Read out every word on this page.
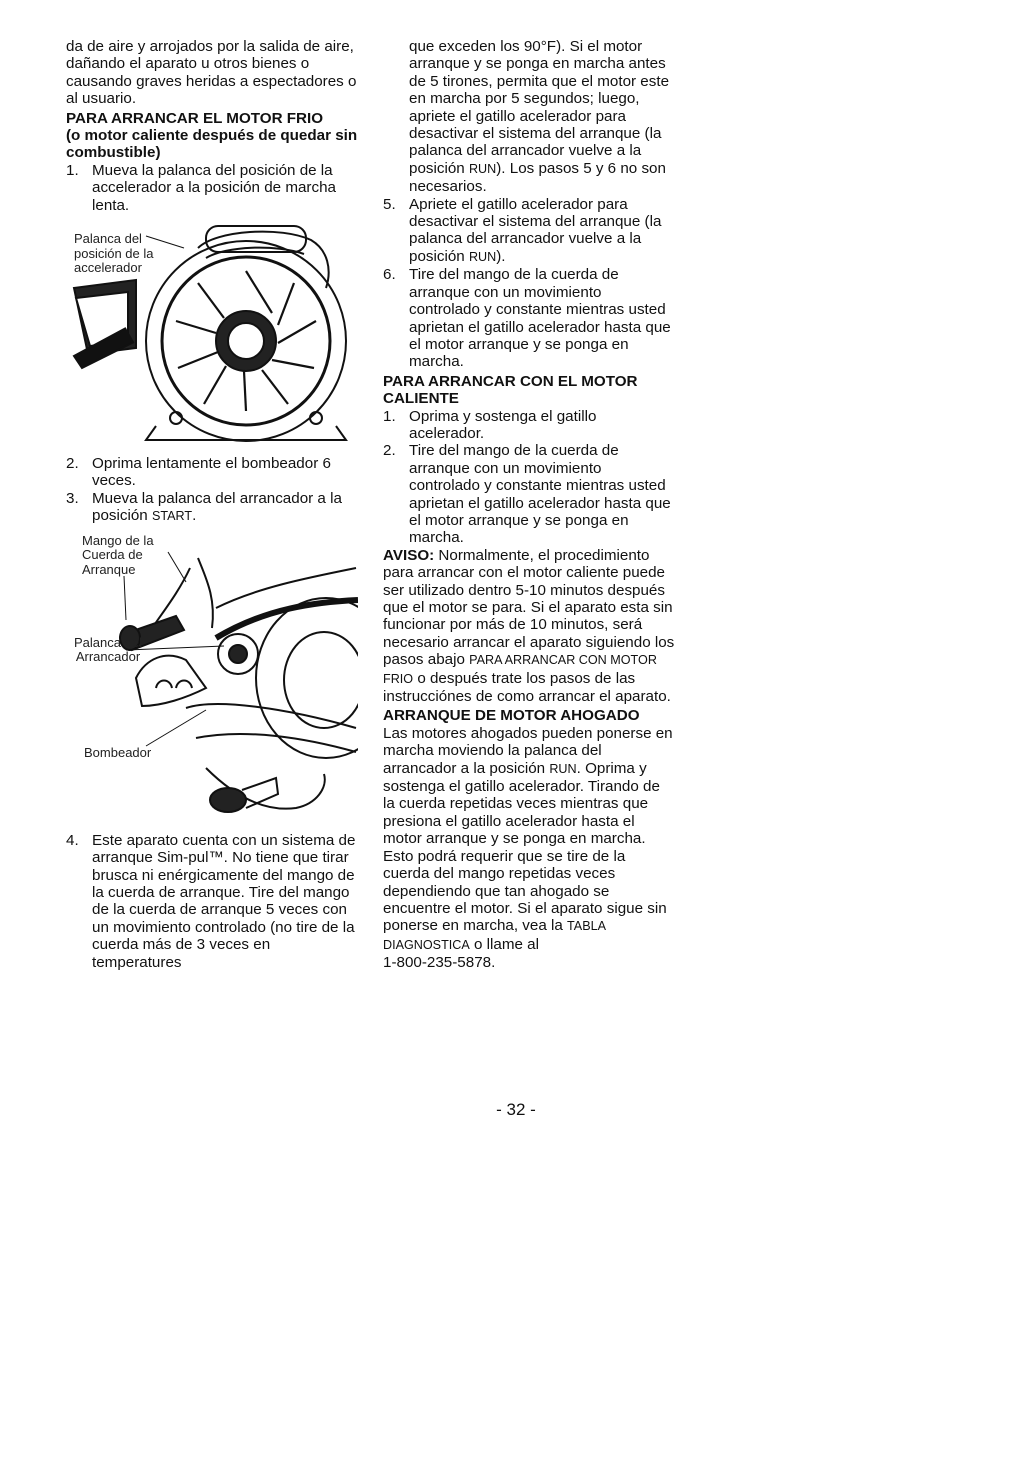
da de aire y arrojados por la salida de aire, dañando el aparato u otros bienes o causando graves heridas a espectadores o al usuario.

PARA ARRANCAR EL MOTOR FRIO
(o motor caliente después de quedar sin combustible)
1. Mueva la palanca del posición de la accelerador a la posición de marcha lenta.
Palanca del posición de la accelerador
2. Oprima lentamente el bombeador 6 veces.
3. Mueva la palanca del arrancador a la posición START.
Mango de la Cuerda de Arranque
Palanca del Arrancador
Bombeador
4. Este aparato cuenta con un sistema de arranque Sim-pul™. No tiene que tirar brusca ni enérgicamente del mango de la cuerda de arranque. Tire del mango de la cuerda de arranque 5 veces con un movimiento controlado (no tire de la cuerda más de 3 veces en temperatures
que exceden los 90°F). Si el motor arranque y se ponga en marcha antes de 5 tirones, permita que el motor este en marcha por 5 segundos; luego, apriete el gatillo acelerador para desactivar el sistema del arranque (la palanca del arrancador vuelve a la posición RUN). Los pasos 5 y 6 no son necesarios.
5. Apriete el gatillo acelerador para desactivar el sistema del arranque (la palanca del arrancador vuelve a la posición RUN).
6. Tire del mango de la cuerda de arranque con un movimiento controlado y constante mientras usted aprietan el gatillo acelerador hasta que el motor arranque y se ponga en marcha.
PARA ARRANCAR CON EL MOTOR CALIENTE
1. Oprima y sostenga el gatillo acelerador.
2. Tire del mango de la cuerda de arranque con un movimiento controlado y constante mientras usted aprietan el gatillo acelerador hasta que el motor arranque y se ponga en marcha.

AVISO: Normalmente, el procedimiento para arrancar con el motor caliente puede ser utilizado dentro 5-10 minutos después que el motor se para. Si el aparato esta sin funcionar por más de 10 minutos, será necesario arrancar el aparato siguiendo los pasos abajo PARA ARRANCAR CON MOTOR FRIO o después trate los pasos de las instrucciónes de como arrancar el aparato.

ARRANQUE DE MOTOR AHOGADO

Las motores ahogados pueden ponerse en marcha moviendo la palanca del arrancador a la posición RUN. Oprima y sostenga el gatillo acelerador. Tirando de la cuerda repetidas veces mientras que presiona el gatillo acelerador hasta el motor arranque y se ponga en marcha. Esto podrá requerir que se tire de la cuerda del mango repetidas veces dependiendo que tan ahogado se encuentre el motor. Si el aparato sigue sin ponerse en marcha, vea la TABLA DIAGNOSTICA o llame al

1-800-235-5878.

- 32 -
